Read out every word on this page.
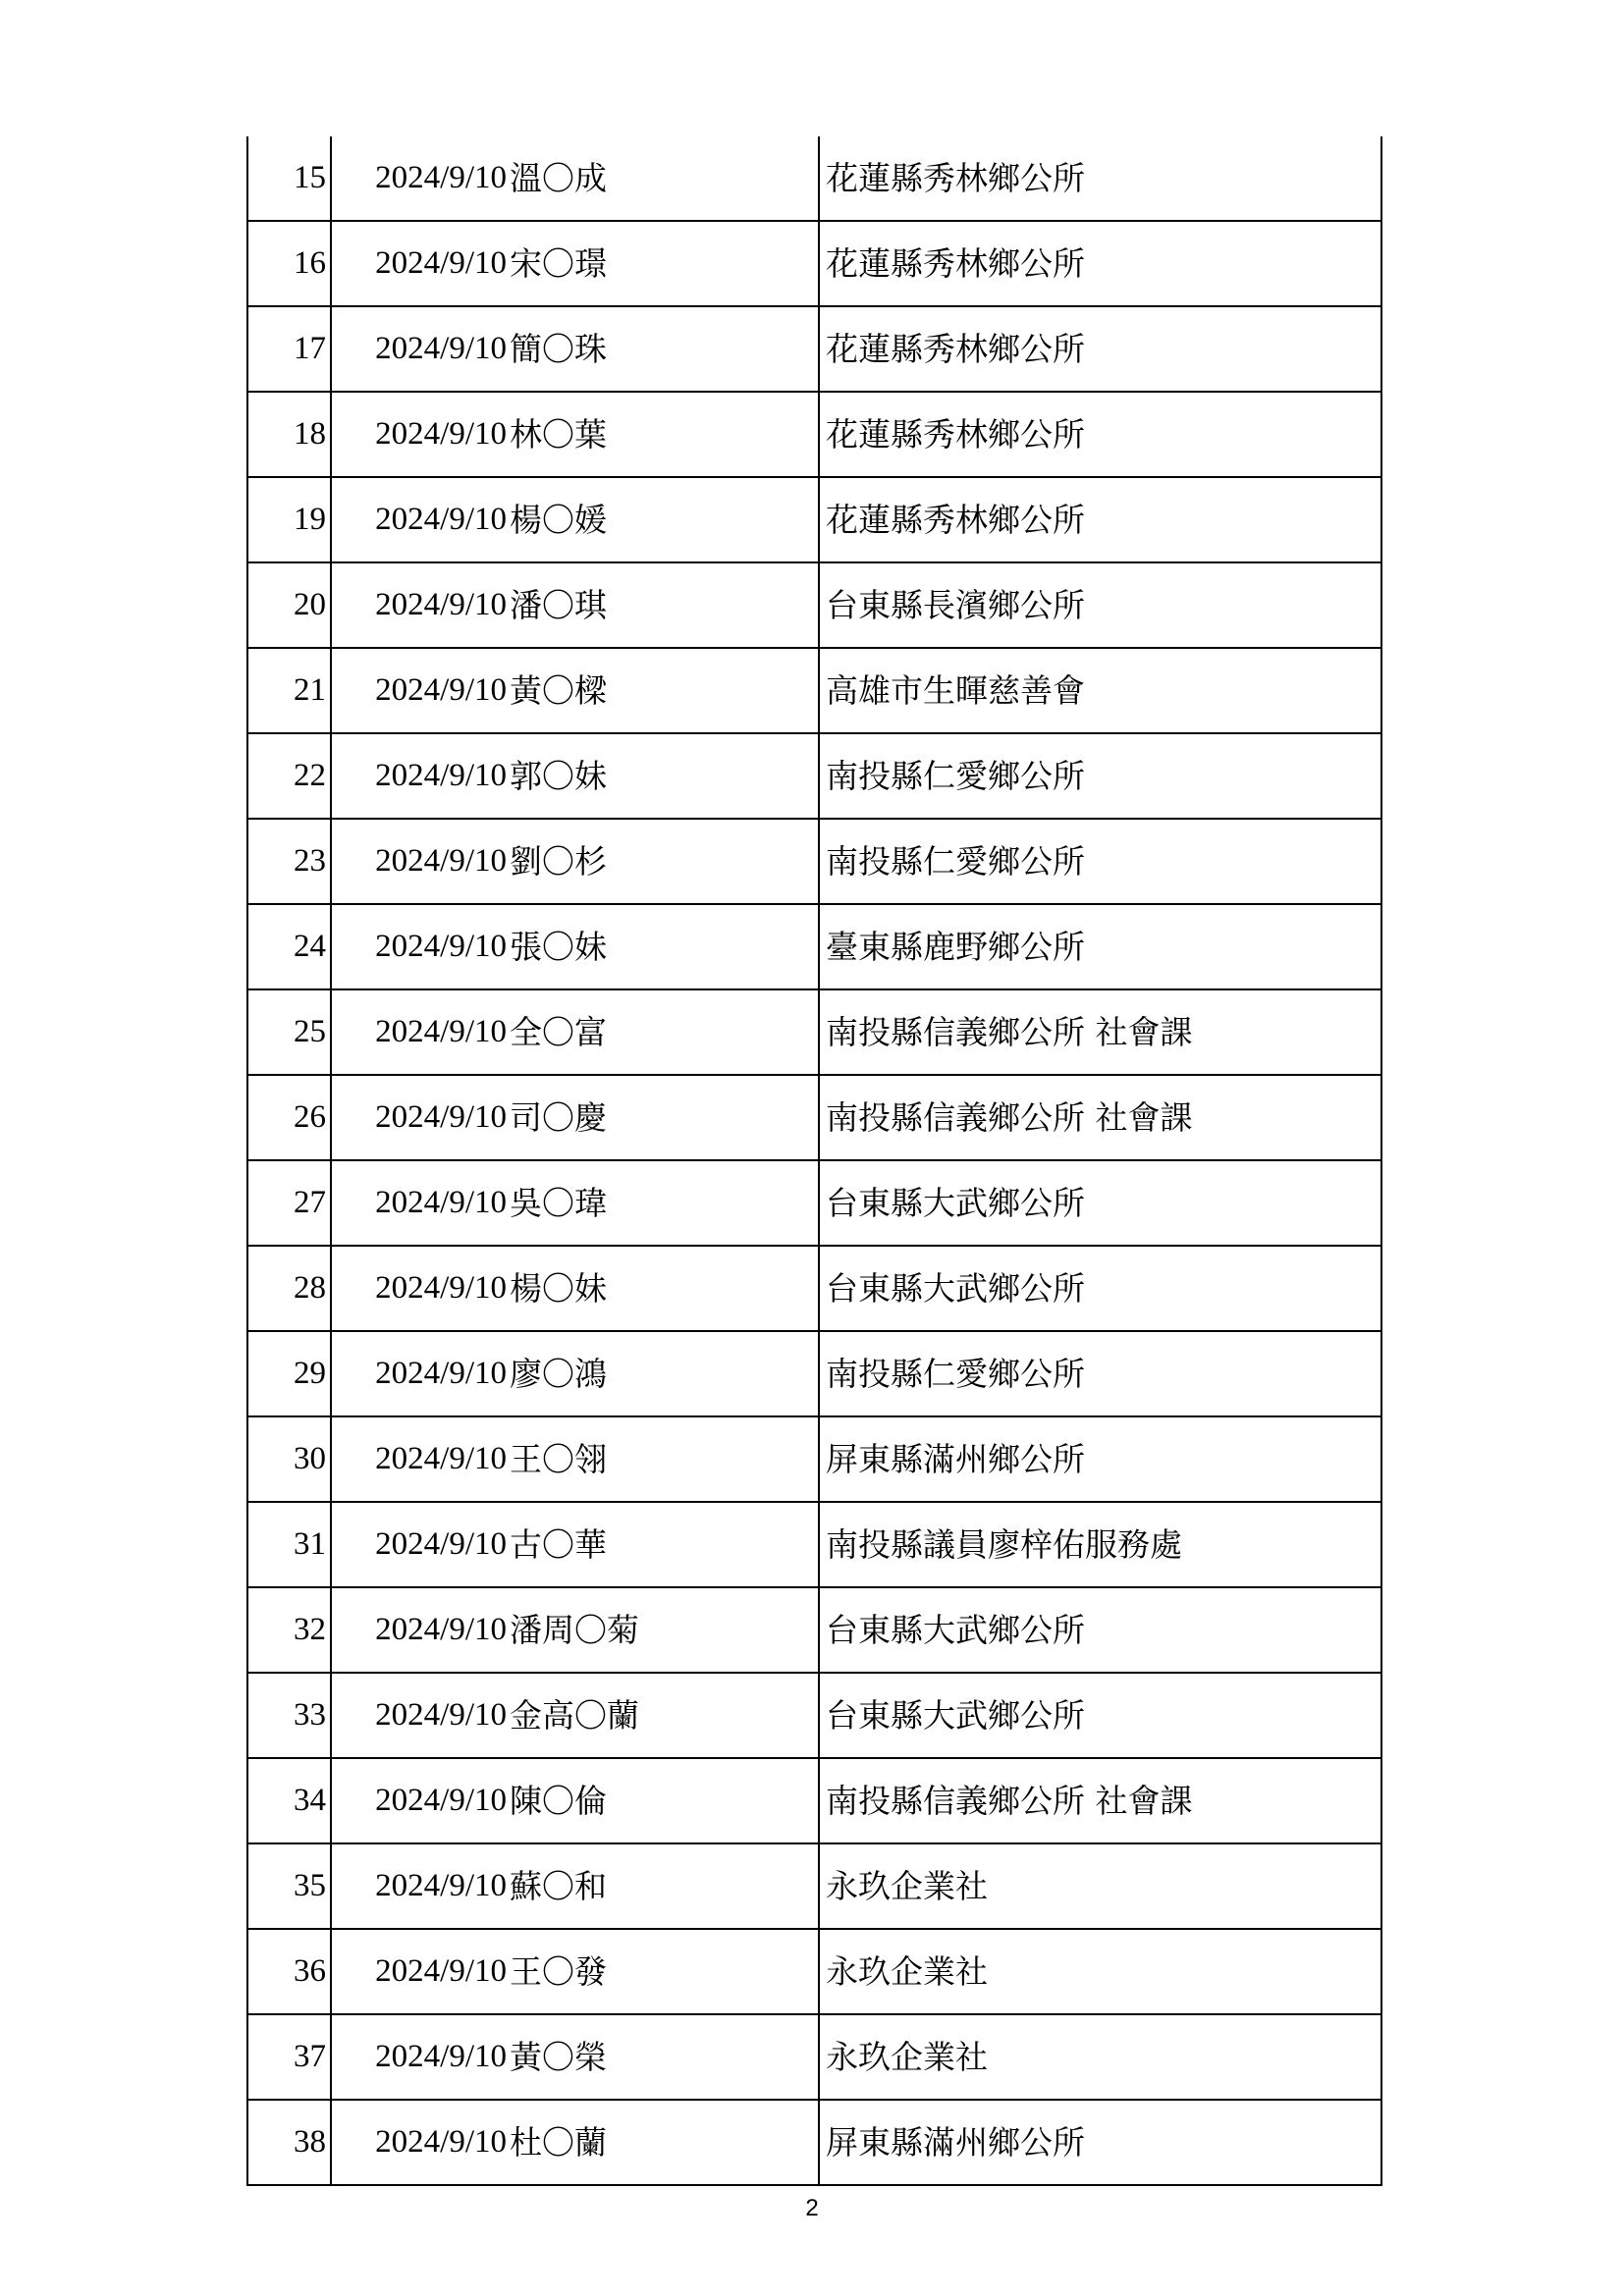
15	2024/9/10	溫〇成	花蓮縣秀林鄉公所
16	2024/9/10	宋〇璟	花蓮縣秀林鄉公所
17	2024/9/10	簡〇珠	花蓮縣秀林鄉公所
18	2024/9/10	林〇葉	花蓮縣秀林鄉公所
19	2024/9/10	楊〇媛	花蓮縣秀林鄉公所
20	2024/9/10	潘〇琪	台東縣長濱鄉公所
21	2024/9/10	黃〇樑	高雄市生暉慈善會
22	2024/9/10	郭〇妹	南投縣仁愛鄉公所
23	2024/9/10	劉〇杉	南投縣仁愛鄉公所
24	2024/9/10	張〇妹	臺東縣鹿野鄉公所
25	2024/9/10	全〇富	南投縣信義鄉公所 社會課
26	2024/9/10	司〇慶	南投縣信義鄉公所 社會課
27	2024/9/10	吳〇瑋	台東縣大武鄉公所
28	2024/9/10	楊〇妹	台東縣大武鄉公所
29	2024/9/10	廖〇鴻	南投縣仁愛鄉公所
30	2024/9/10	王〇翎	屏東縣滿州鄉公所
31	2024/9/10	古〇華	南投縣議員廖梓佑服務處
32	2024/9/10	潘周〇菊	台東縣大武鄉公所
33	2024/9/10	金高〇蘭	台東縣大武鄉公所
34	2024/9/10	陳〇倫	南投縣信義鄉公所 社會課
35	2024/9/10	蘇〇和	永玖企業社
36	2024/9/10	王〇發	永玖企業社
37	2024/9/10	黃〇榮	永玖企業社
38	2024/9/10	杜〇蘭	屏東縣滿州鄉公所
2
